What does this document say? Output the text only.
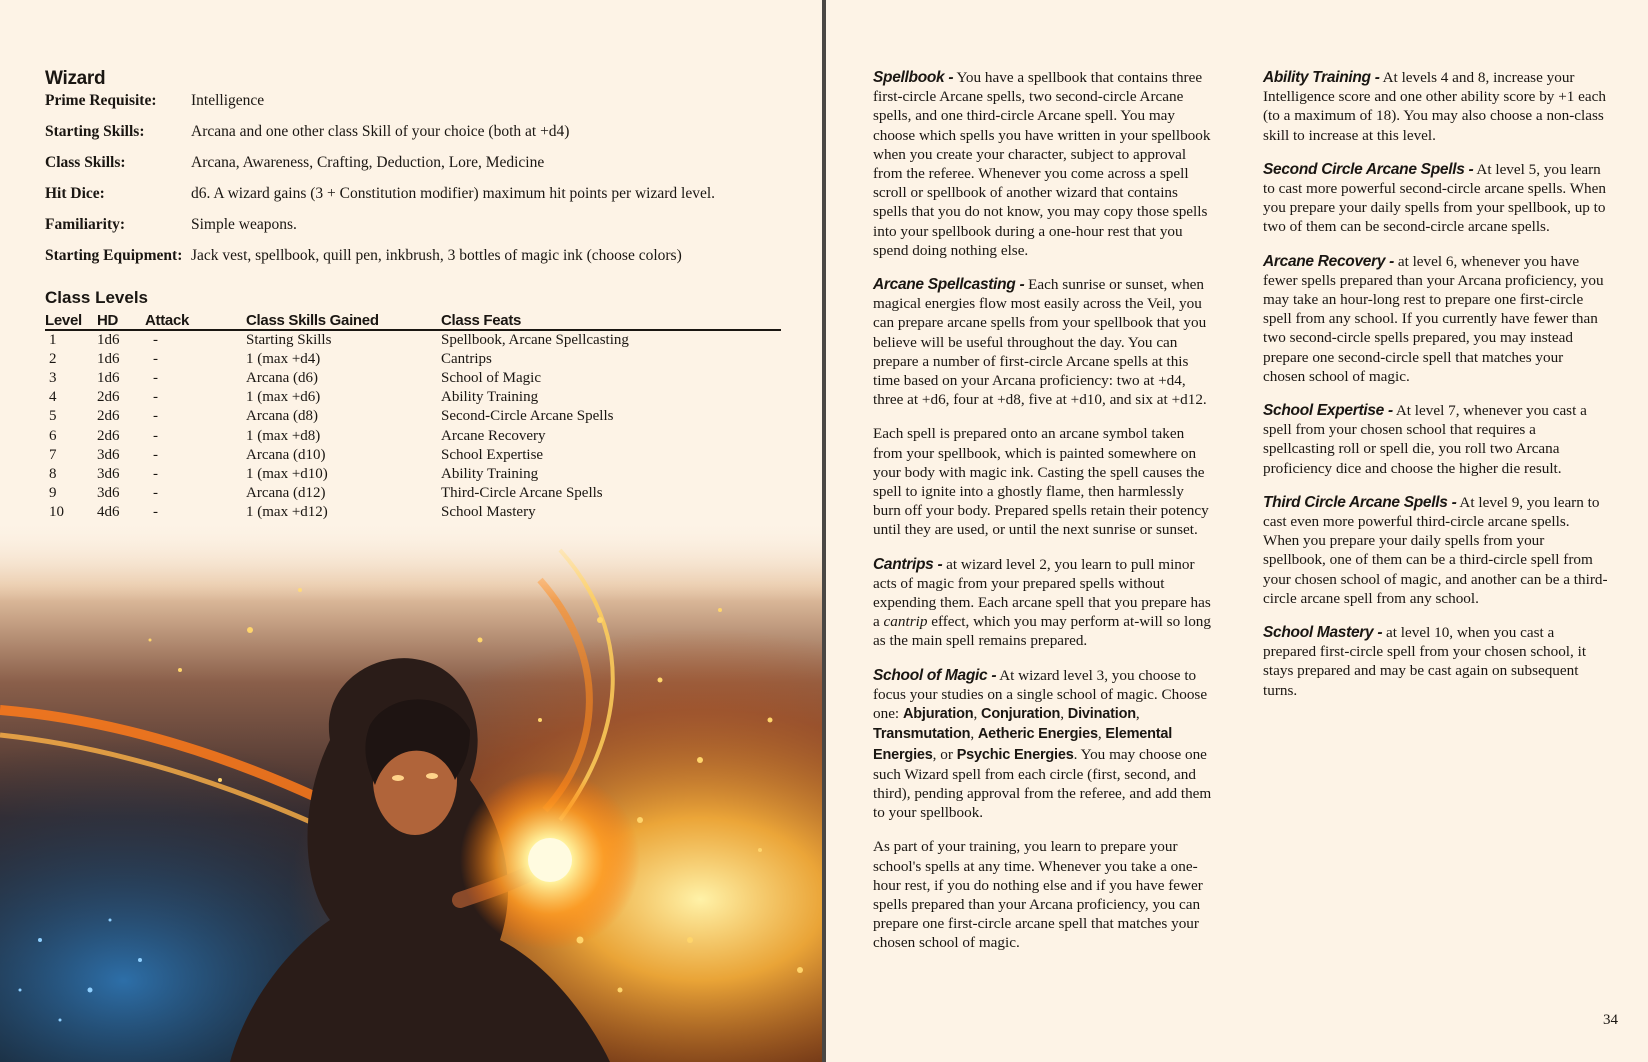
Wizard
Prime Requisite: Intelligence
Starting Skills:	Arcana and one other class Skill of your choice (both at +d4)
Class Skills:	Arcana, Awareness, Crafting, Deduction, Lore, Medicine
Hit Dice:	d6. A wizard gains (3 + Constitution modifier) maximum hit points per wizard level.
Familiarity:	Simple weapons.
Starting Equipment: Jack vest, spellbook, quill pen, inkbrush, 3 bottles of magic ink (choose colors)
Class Levels
Level	HD	Attack	Class Skills Gained	Class Feats
1	1d6	-	Starting Skills	Spellbook, Arcane Spellcasting
2	1d6	-	1 (max +d4)	Cantrips
3	1d6	-	Arcana (d6)	School of Magic
4	2d6	-	1 (max +d6)	Ability Training
5	2d6	-	Arcana (d8)	Second-Circle Arcane Spells
6	2d6	-	1 (max +d8)	Arcane Recovery
7	3d6	-	Arcana (d10)	School Expertise
8	3d6	-	1 (max +d10)	Ability Training
9	3d6	-	Arcana (d12)	Third-Circle Arcane Spells
10	4d6	-	1 (max +d12)	School Mastery

Spellbook - You have a spellbook that contains three first-circle Arcane spells, two second-circle Arcane spells, and one third-circle Arcane spell. You may choose which spells you have written in your spellbook when you create your character, subject to approval from the referee. Whenever you come across a spell scroll or spellbook of another wizard that contains spells that you do not know, you may copy those spells into your spellbook during a one-hour rest that you spend doing nothing else.

Arcane Spellcasting - Each sunrise or sunset, when magical energies flow most easily across the Veil, you can prepare arcane spells from your spellbook that you believe will be useful throughout the day. You can prepare a number of first-circle Arcane spells at this time based on your Arcana proficiency: two at +d4, three at +d6, four at +d8, five at +d10, and six at +d12.

Each spell is prepared onto an arcane symbol taken from your spellbook, which is painted somewhere on your body with magic ink. Casting the spell causes the spell to ignite into a ghostly flame, then harmlessly burn off your body. Prepared spells retain their potency until they are used, or until the next sunrise or sunset.

Cantrips - at wizard level 2, you learn to pull minor acts of magic from your prepared spells without expending them. Each arcane spell that you prepare has a cantrip effect, which you may perform at-will so long as the main spell remains prepared.

School of Magic - At wizard level 3, you choose to focus your studies on a single school of magic. Choose one: Abjuration, Conjuration, Divination, Transmutation, Aetheric Energies, Elemental Energies, or Psychic Energies. You may choose one such Wizard spell from each circle (first, second, and third), pending approval from the referee, and add them to your spellbook.

As part of your training, you learn to prepare your school's spells at any time. Whenever you take a one-hour rest, if you do nothing else and if you have fewer spells prepared than your Arcana proficiency, you can prepare one first-circle arcane spell that matches your chosen school of magic.

Ability Training - At levels 4 and 8, increase your Intelligence score and one other ability score by +1 each (to a maximum of 18). You may also choose a non-class skill to increase at this level.

Second Circle Arcane Spells - At level 5, you learn to cast more powerful second-circle arcane spells. When you prepare your daily spells from your spellbook, up to two of them can be second-circle arcane spells.

Arcane Recovery - at level 6, whenever you have fewer spells prepared than your Arcana proficiency, you may take an hour-long rest to prepare one first-circle spell from any school. If you currently have fewer than two second-circle spells prepared, you may instead prepare one second-circle spell that matches your chosen school of magic.

School Expertise - At level 7, whenever you cast a spell from your chosen school that requires a spellcasting roll or spell die, you roll two Arcana proficiency dice and choose the higher die result.

Third Circle Arcane Spells - At level 9, you learn to cast even more powerful third-circle arcane spells. When you prepare your daily spells from your spellbook, one of them can be a third-circle spell from your chosen school of magic, and another can be a third-circle arcane spell from any school.

School Mastery - at level 10, when you cast a prepared first-circle spell from your chosen school, it stays prepared and may be cast again on subsequent turns.

34
